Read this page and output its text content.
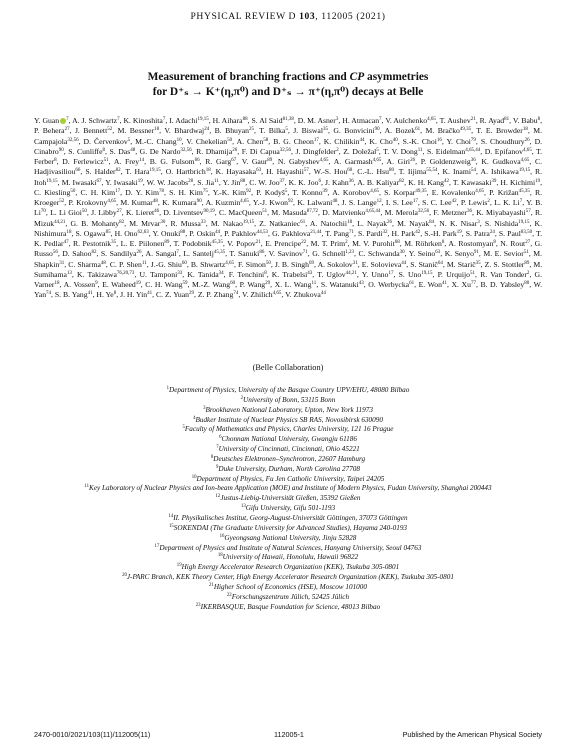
PHYSICAL REVIEW D 103, 112005 (2021)
Measurement of branching fractions and CP asymmetries
for D⁺ₛ → K⁺(η,π⁰) and D⁺ₛ → π⁺(η,π⁰) decays at Belle
Y. Guan $^7$, A. J. Schwartz$^7$, K. Kinoshita$^7$, I. Adachi$^{19,15}$, H. Aihara$^{88}$, S. Al Said$^{81,38}$, D. M. Asner$^3$, H. Atmacan$^7$, V. Aulchenko$^{4,65}$, T. Aushev$^{21}$, R. Ayad$^{81}$, V. Babu$^8$, P. Behera$^{27}$, J. Bennett$^{52}$, M. Bessner$^{18}$, V. Bhardwaj$^{24}$, B. Bhuyan$^{25}$, T. Bilka$^5$, J. Biswal$^{35}$, G. Bonvicini$^{90}$, A. Bozek$^{61}$, M. Bračko$^{49,35}$, T. E. Browder$^{18}$, M. Campajola$^{32,56}$, D. Červenkov$^5$, M.-C. Chang$^{10}$, V. Chekelian$^{50}$, A. Chen$^{58}$, B. G. Cheon$^{17}$, K. Chilikin$^{44}$, K. Cho$^{40}$, S.-K. Choi$^{16}$, Y. Choi$^{79}$, S. Choudhury$^{26}$, D. Cinabro$^{90}$, S. Cunliffe$^8$, S. Das$^{48}$, G. De Nardo$^{32,56}$, R. Dhamija$^{26}$, F. Di Capua$^{32,56}$, J. Dingfelder$^2$, Z. Doležal$^5$, T. V. Dong$^{11}$, S. Eidelman$^{4,65,44}$, D. Epifanov$^{4,65}$, T. Ferber$^8$, D. Ferlewicz$^{51}$, A. Frey$^{14}$, B. G. Fulsom$^{66}$, R. Garg$^{67}$, V. Gaur$^{89}$, N. Gabyshev$^{4,65}$, A. Garmash$^{4,65}$, A. Giri$^{26}$, P. Goldenzweig$^{36}$, K. Gudkova$^{4,65}$, C. Hadjivasiliou$^{66}$, S. Halder$^{82}$, T. Hara$^{19,15}$, O. Hartbrich$^{18}$, K. Hayasaka$^{63}$, H. Hayashii$^{57}$, W.-S. Hou$^{60}$, C.-L. Hsu$^{80}$, T. Iijima$^{55,54}$, K. Inami$^{54}$, A. Ishikawa$^{19,15}$, R. Itoh$^{19,15}$, M. Iwasaki$^{67}$, Y. Iwasaki$^{19}$, W. W. Jacobs$^{28}$, S. Jia$^{11}$, Y. Jin$^{88}$, C. W. Joo$^{37}$, K. K. Joo$^6$, J. Kahn$^{36}$, A. B. Kaliyar$^{82}$, K. H. Kang$^{42}$, T. Kawasaki$^{39}$, H. Kichimi$^{19}$, C. Kiesling$^{50}$, C. H. Kim$^{17}$, D. Y. Kim$^{78}$, S. H. Kim$^{75}$, Y.-K. Kim$^{92}$, P. Kodyš$^5$, T. Konno$^{39}$, A. Korobov$^{4,65}$, S. Korpar$^{49,35}$, E. Kovalenko$^{4,65}$, P. Križan$^{45,35}$, R. Kroeger$^{52}$, P. Krokovny$^{4,65}$, M. Kumar$^{48}$, K. Kumara$^{90}$, A. Kuzmin$^{4,65}$, Y.-J. Kwon$^{92}$, K. Lalwani$^{48}$, J. S. Lange$^{12}$, I. S. Lee$^{17}$, S. C. Lee$^{42}$, P. Lewis$^2$, L. K. Li$^7$, Y. B. Li$^{70}$, L. Li Gioi$^{50}$, J. Libby$^{27}$, K. Lieret$^{46}$, D. Liventsev$^{90,19}$, C. MacQueen$^{51}$, M. Masuda$^{87,72}$, D. Matvienko$^{4,65,44}$, M. Merola$^{32,56}$, F. Metzner$^{36}$, K. Miyabayashi$^{57}$, R. Mizuk$^{44,21}$, G. B. Mohanty$^{82}$, M. Mrvar$^{30}$, R. Mussa$^{33}$, M. Nakao$^{19,15}$, Z. Natkaniec$^{61}$, A. Natochii$^{18}$, L. Nayak$^{26}$, M. Nayak$^{84}$, N. K. Nisar$^3$, S. Nishida$^{19,15}$, K. Nishimura$^{18}$, S. Ogawa$^{85}$, H. Ono$^{62,63}$, Y. Onuki$^{88}$, P. Oskin$^{44}$, P. Pakhlov$^{44,53}$, G. Pakhlova$^{21,44}$, T. Pang$^{71}$, S. Pardi$^{32}$, H. Park$^{42}$, S.-H. Park$^{19}$, S. Patra$^{24}$, S. Paul$^{83,50}$, T. K. Pedlar$^{47}$, R. Pestotnik$^{35}$, L. E. Piilonen$^{89}$, T. Podobnik$^{45,35}$, V. Popov$^{21}$, E. Prencipe$^{22}$, M. T. Prim$^2$, M. V. Purohit$^{68}$, M. Röhrken$^8$, A. Rostomyan$^8$, N. Rout$^{27}$, G. Russo$^{56}$, D. Sahoo$^{82}$, S. Sandilya$^{26}$, A. Sangal$^7$, L. Santelj$^{45,35}$, T. Sanuki$^{86}$, V. Savinov$^{71}$, G. Schnell$^{1,23}$, C. Schwanda$^{30}$, Y. Seino$^{63}$, K. Senyo$^{91}$, M. E. Sevior$^{51}$, M. Shapkin$^{31}$, C. Sharma$^{48}$, C. P. Shen$^{11}$, J.-G. Shiu$^{60}$, B. Shwartz$^{4,65}$, F. Simon$^{50}$, J. B. Singh$^{69}$, A. Sokolov$^{31}$, E. Solovieva$^{44}$, S. Stanič$^{64}$, M. Starič$^{35}$, Z. S. Stottler$^{89}$, M. Sumihama$^{13}$, K. Takizawa$^{76,20,73}$, U. Tamponi$^{33}$, K. Tanida$^{34}$, F. Tenchini$^8$, K. Trabelsi$^{43}$, T. Uglov$^{44,21}$, Y. Unno$^{17}$, S. Uno$^{19,15}$, P. Urquijo$^{51}$, R. Van Tonder$^2$, G. Varner$^{18}$, A. Vossen$^9$, E. Waheed$^{19}$, C. H. Wang$^{59}$, M.-Z. Wang$^{60}$, P. Wang$^{29}$, X. L. Wang$^{11}$, S. Watanuki$^{43}$, O. Werbycka$^{61}$, E. Won$^{41}$, X. Xu$^{77}$, B. D. Yabsley$^{80}$, W. Yan$^{74}$, S. B. Yang$^{41}$, H. Ye$^8$, J. H. Yin$^{41}$, C. Z. Yuan$^{29}$, Z. P. Zhang$^{74}$, V. Zhilich$^{4,65}$, V. Zhukova$^{44}$
(Belle Collaboration)
$^1$Department of Physics, University of the Basque Country UPV/EHU, 48080 Bilbao
$^2$University of Bonn, 53115 Bonn
$^3$Brookhaven National Laboratory, Upton, New York 11973
$^4$Budker Institute of Nuclear Physics SB RAS, Novosibirsk 630090
$^5$Faculty of Mathematics and Physics, Charles University, 121 16 Prague
$^6$Chonnam National University, Gwangju 61186
$^7$University of Cincinnati, Cincinnati, Ohio 45221
$^8$Deutsches Elektronen–Synchrotron, 22607 Hamburg
$^9$Duke University, Durham, North Carolina 27708
$^{10}$Department of Physics, Fu Jen Catholic University, Taipei 24205
$^{11}$Key Laboratory of Nuclear Physics and Ion-beam Application (MOE) and Institute of Modern Physics, Fudan University, Shanghai 200443
$^{12}$Justus-Liebig-Universität Gießen, 35392 Gießen
$^{13}$Gifu University, Gifu 501-1193
$^{14}$II. Physikalisches Institut, Georg-August-Universität Göttingen, 37073 Göttingen
$^{15}$SOKENDAI (The Graduate University for Advanced Studies), Hayama 240-0193
$^{16}$Gyeongsang National University, Jinju 52828
$^{17}$Department of Physics and Institute of Natural Sciences, Hanyang University, Seoul 04763
$^{18}$University of Hawaii, Honolulu, Hawaii 96822
$^{19}$High Energy Accelerator Research Organization (KEK), Tsukuba 305-0801
$^{20}$J-PARC Branch, KEK Theory Center, High Energy Accelerator Research Organization (KEK), Tsukuba 305-0801
$^{21}$Higher School of Economics (HSE), Moscow 101000
$^{22}$Forschungszentrum Jülich, 52425 Jülich
$^{23}$IKERBASQUE, Basque Foundation for Science, 48013 Bilbao
2470-0010/2021/103(11)/112005(11)	112005-1	Published by the American Physical Society
